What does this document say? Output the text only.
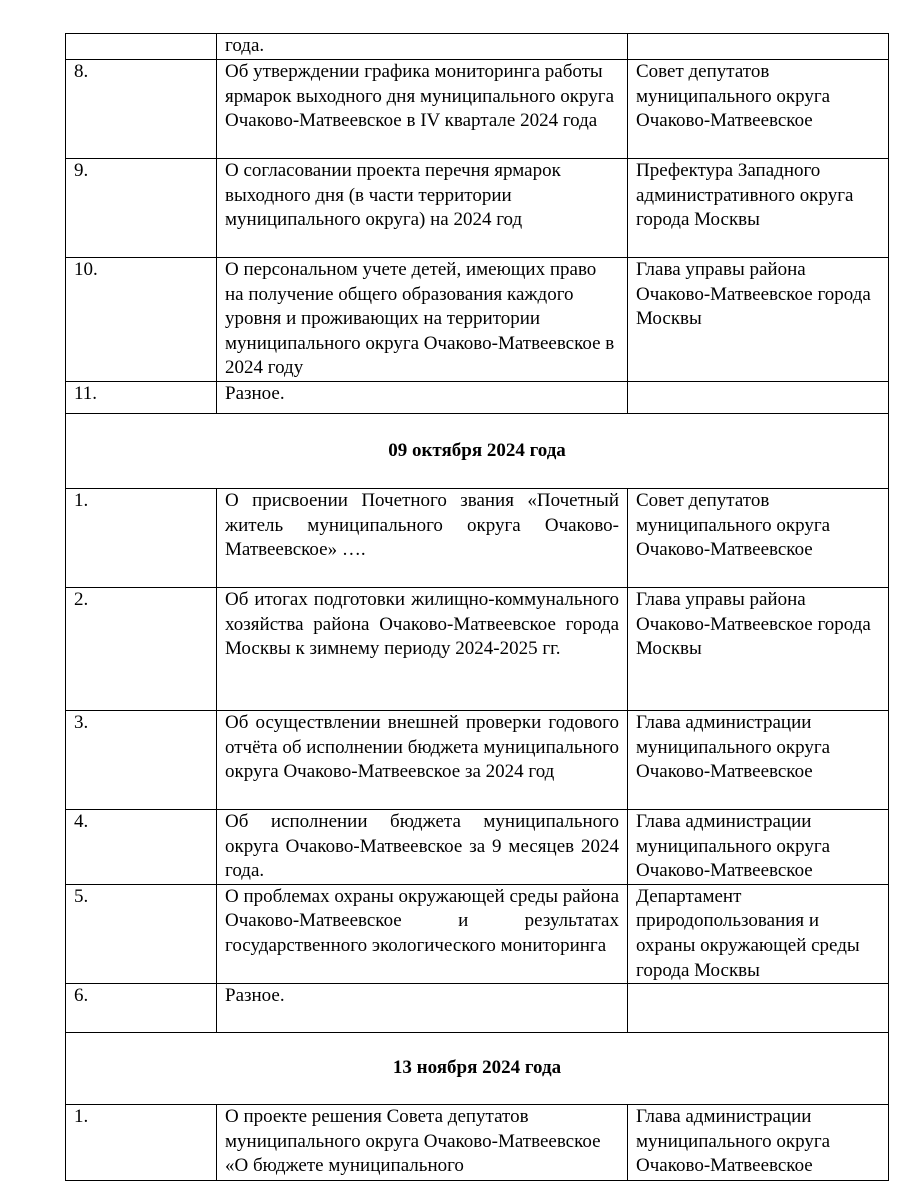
	года.	
8.	Об утверждении графика мониторинга работы ярмарок выходного дня муниципального округа Очаково-Матвеевское в IV квартале 2024 года	Совет депутатов муниципального округа Очаково-Матвеевское
9.	О согласовании проекта перечня ярмарок выходного дня (в части территории муниципального округа) на 2024 год	Префектура Западного административного округа города Москвы
10.	О персональном учете детей, имеющих право на получение общего образования каждого уровня и проживающих на территории муниципального округа Очаково-Матвеевское в 2024 году	Глава управы района Очаково-Матвеевское города Москвы
11.	Разное.	
09 октября 2024 года		
1.	О присвоении Почетного звания «Почетный житель муниципального округа Очаково-Матвеевское» ….	Совет депутатов муниципального округа Очаково-Матвеевское
2.	Об итогах подготовки жилищно-коммунального хозяйства района Очаково-Матвеевское города Москвы к зимнему периоду 2024-2025 гг.	Глава управы района Очаково-Матвеевское города Москвы
3.	Об осуществлении внешней проверки годового отчёта об исполнении бюджета муниципального округа Очаково-Матвеевское за 2024 год	Глава администрации муниципального округа Очаково-Матвеевское
4.	Об исполнении бюджета муниципального округа Очаково-Матвеевское за 9 месяцев 2024 года.	Глава администрации муниципального округа Очаково-Матвеевское
5.	О проблемах охраны окружающей среды района Очаково-Матвеевское и результатах государственного экологического мониторинга	Департамент природопользования и охраны окружающей среды города Москвы
6.	Разное.	
13 ноября 2024 года		
1.	О проекте решения Совета депутатов муниципального округа Очаково-Матвеевское «О бюджете муниципального	Глава администрации муниципального округа Очаково-Матвеевское
